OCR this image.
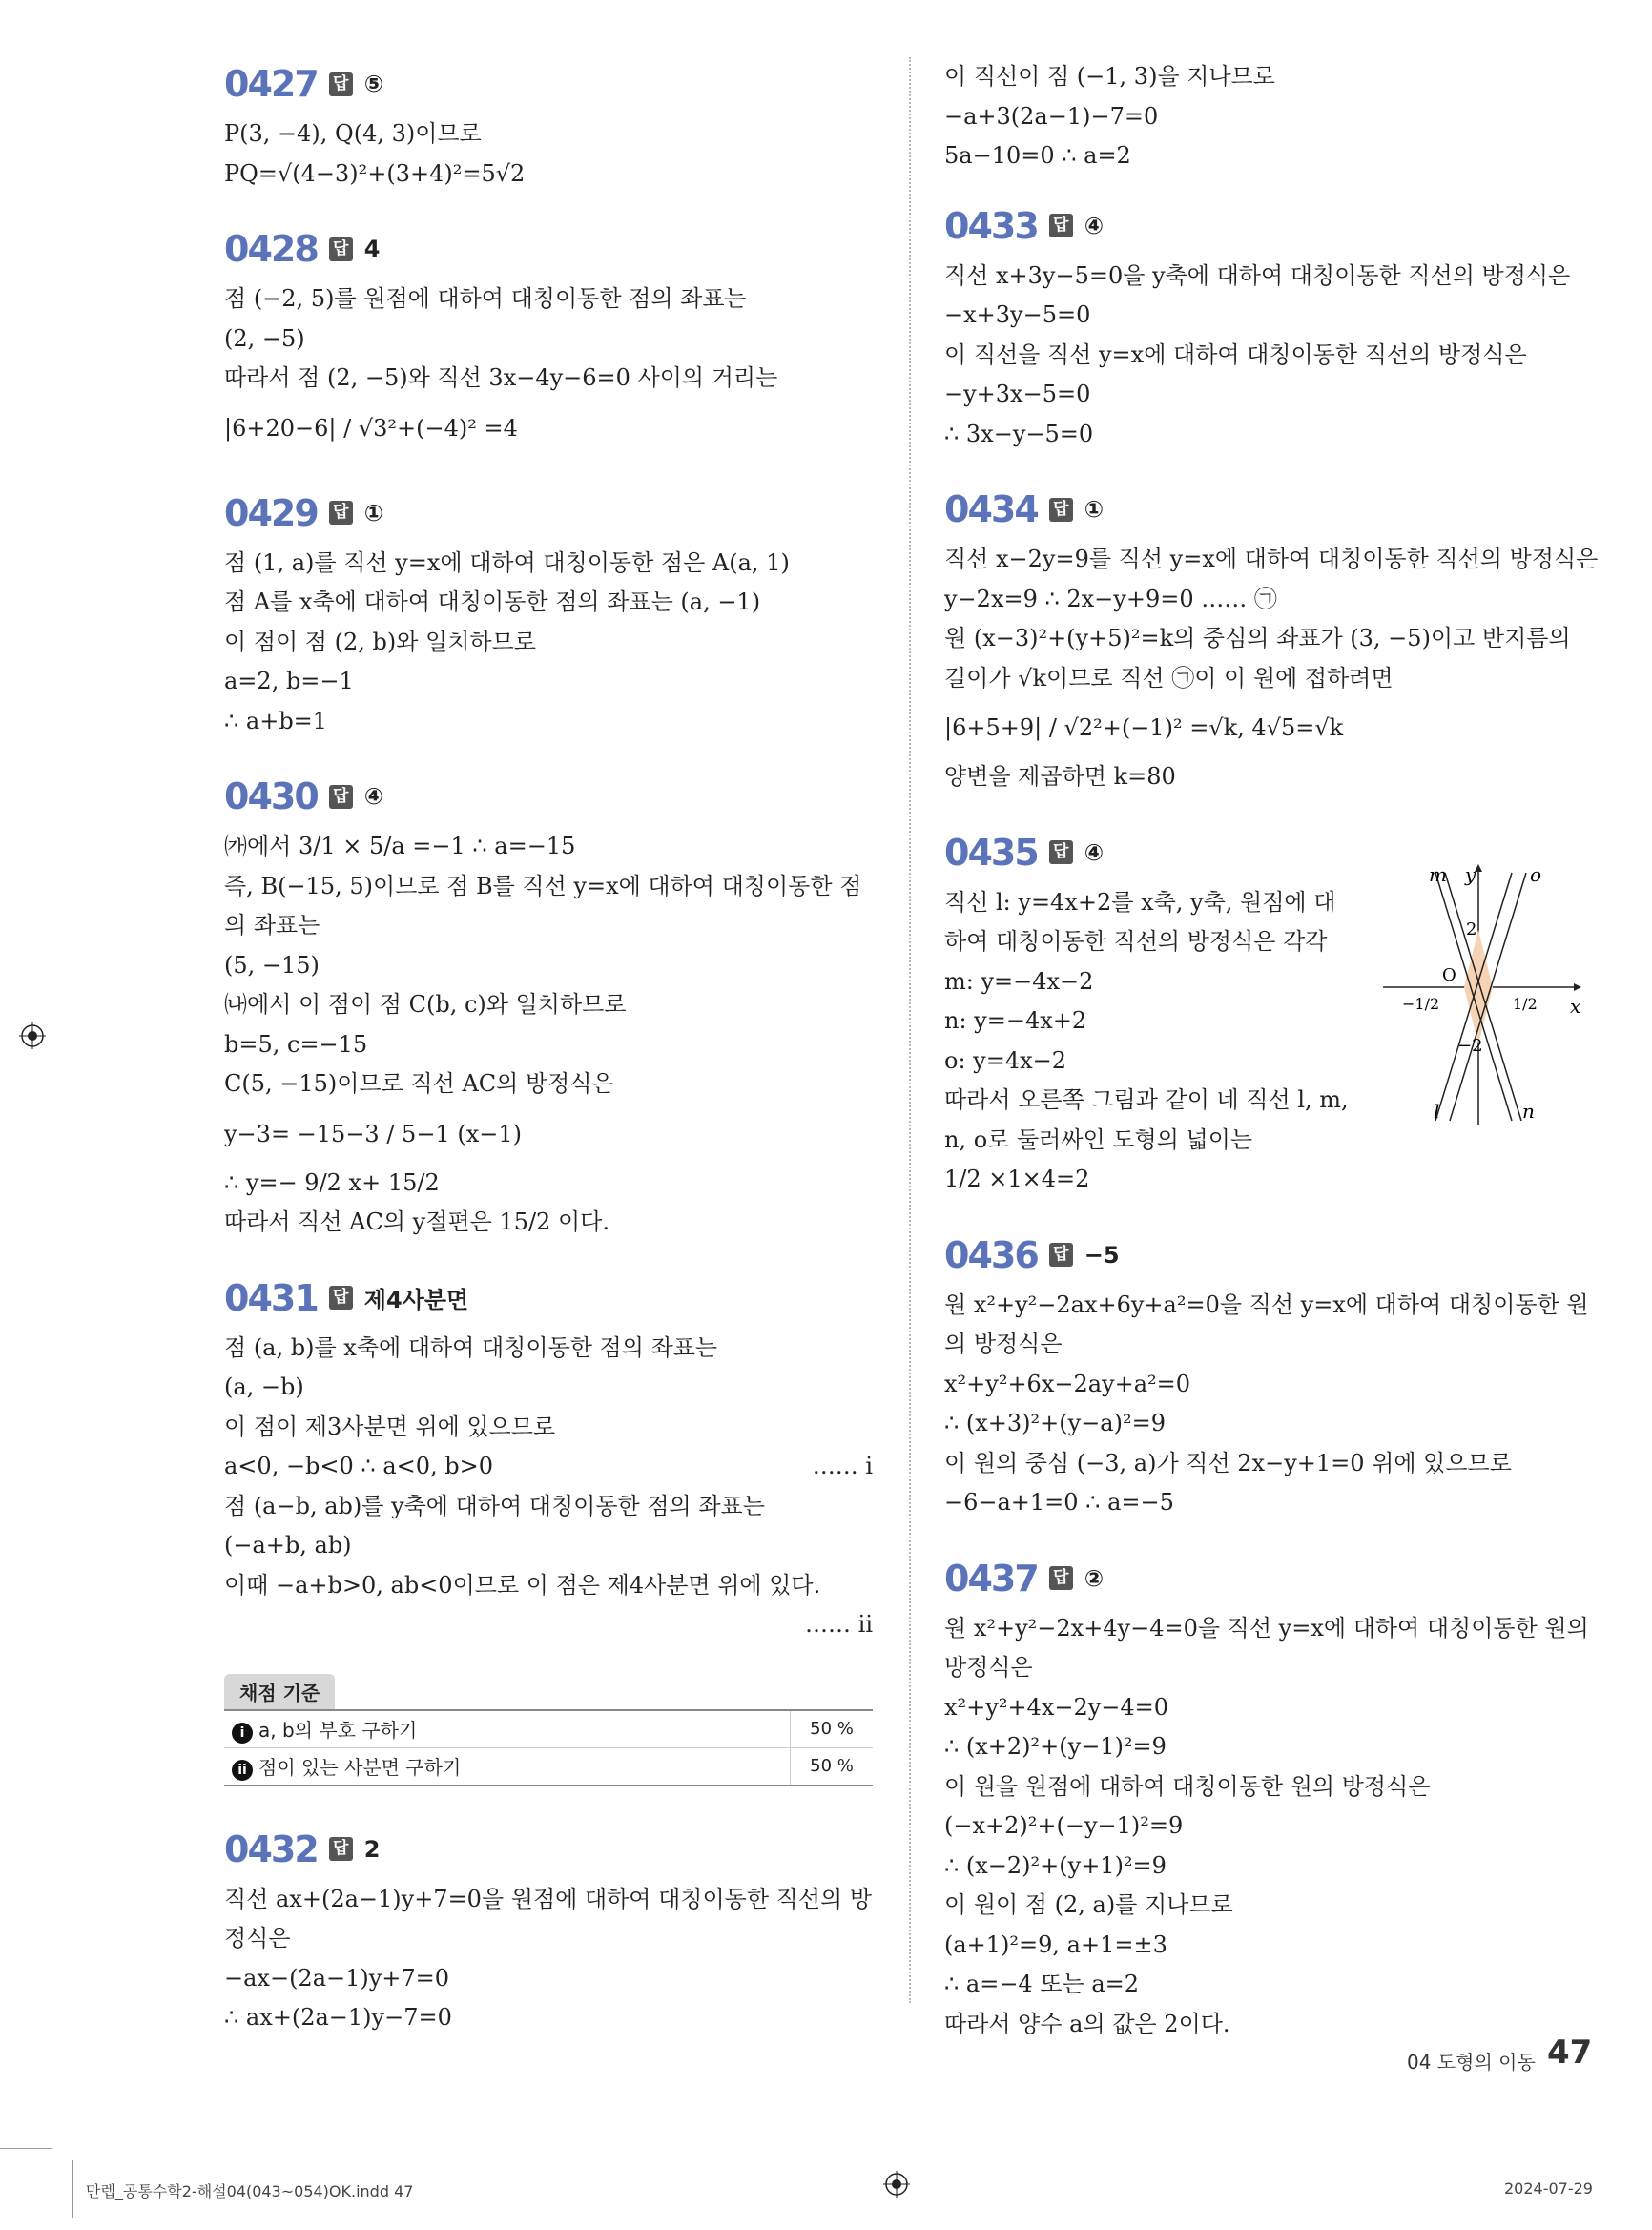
0427 답 ⑤
P(3, −4), Q(4, 3)이므로
PQ=√(4−3)²+(3+4)²=5√2
0428 답 4
점 (−2, 5)를 원점에 대하여 대칭이동한 점의 좌표는
(2, −5)
따라서 점 (2, −5)와 직선 3x−4y−6=0 사이의 거리는
|6+20−6| / √3²+(−4)² =4
0429 답 ①
점 (1, a)를 직선 y=x에 대하여 대칭이동한 점은 A(a, 1)
점 A를 x축에 대하여 대칭이동한 점의 좌표는 (a, −1)
이 점이 점 (2, b)와 일치하므로
a=2, b=−1
∴ a+b=1
0430 답 ④
㈎에서 3/1 × 5/a =−1 ∴ a=−15
즉, B(−15, 5)이므로 점 B를 직선 y=x에 대하여 대칭이동한 점
의 좌표는
(5, −15)
㈏에서 이 점이 점 C(b, c)와 일치하므로
b=5, c=−15
C(5, −15)이므로 직선 AC의 방정식은
y−3= −15−3 / 5−1 (x−1)
∴ y=− 9/2 x+ 15/2
따라서 직선 AC의 y절편은 15/2 이다.
0431 답 제4사분면
점 (a, b)를 x축에 대하여 대칭이동한 점의 좌표는
(a, −b)
이 점이 제3사분면 위에 있으므로
a<0, −b<0 ∴ a<0, b>0	…… i
점 (a−b, ab)를 y축에 대하여 대칭이동한 점의 좌표는
(−a+b, ab)
이때 −a+b>0, ab<0이므로 이 점은 제4사분면 위에 있다.
…… ii
채점 기준
i a, b의 부호 구하기	50 %
ii 점이 있는 사분면 구하기	50 %
0432 답 2
직선 ax+(2a−1)y+7=0을 원점에 대하여 대칭이동한 직선의 방
정식은
−ax−(2a−1)y+7=0
∴ ax+(2a−1)y−7=0
이 직선이 점 (−1, 3)을 지나므로
−a+3(2a−1)−7=0
5a−10=0 ∴ a=2
0433 답 ④
직선 x+3y−5=0을 y축에 대하여 대칭이동한 직선의 방정식은
−x+3y−5=0
이 직선을 직선 y=x에 대하여 대칭이동한 직선의 방정식은
−y+3x−5=0
∴ 3x−y−5=0
0434 답 ①
직선 x−2y=9를 직선 y=x에 대하여 대칭이동한 직선의 방정식은
y−2x=9 ∴ 2x−y+9=0 …… ㉠
원 (x−3)²+(y+5)²=k의 중심의 좌표가 (3, −5)이고 반지름의
길이가 √k이므로 직선 ㉠이 이 원에 접하려면
|6+5+9| / √2²+(−1)² =√k, 4√5=√k
양변을 제곱하면 k=80
0435 답 ④
직선 l: y=4x+2를 x축, y축, 원점에 대
하여 대칭이동한 직선의 방정식은 각각
m: y=−4x−2
n: y=−4x+2
o: y=4x−2
따라서 오른쪽 그림과 같이 네 직선 l, m,
n, o로 둘러싸인 도형의 넓이는
1/2 ×1×4=2
0436 답 −5
원 x²+y²−2ax+6y+a²=0을 직선 y=x에 대하여 대칭이동한 원
의 방정식은
x²+y²+6x−2ay+a²=0
∴ (x+3)²+(y−a)²=9
이 원의 중심 (−3, a)가 직선 2x−y+1=0 위에 있으므로
−6−a+1=0 ∴ a=−5
0437 답 ②
원 x²+y²−2x+4y−4=0을 직선 y=x에 대하여 대칭이동한 원의
방정식은
x²+y²+4x−2y−4=0
∴ (x+2)²+(y−1)²=9
이 원을 원점에 대하여 대칭이동한 원의 방정식은
(−x+2)²+(−y−1)²=9
∴ (x−2)²+(y+1)²=9
이 원이 점 (2, a)를 지나므로
(a+1)²=9, a+1=±3
∴ a=−4 또는 a=2
따라서 양수 a의 값은 2이다.
m y	o
2
O
−1/2	x
1/2
−2
l	n
04 도형의 이동 47
만렙_공통수학2-해설04(043~054)OK.indd 47	2024-07-29
